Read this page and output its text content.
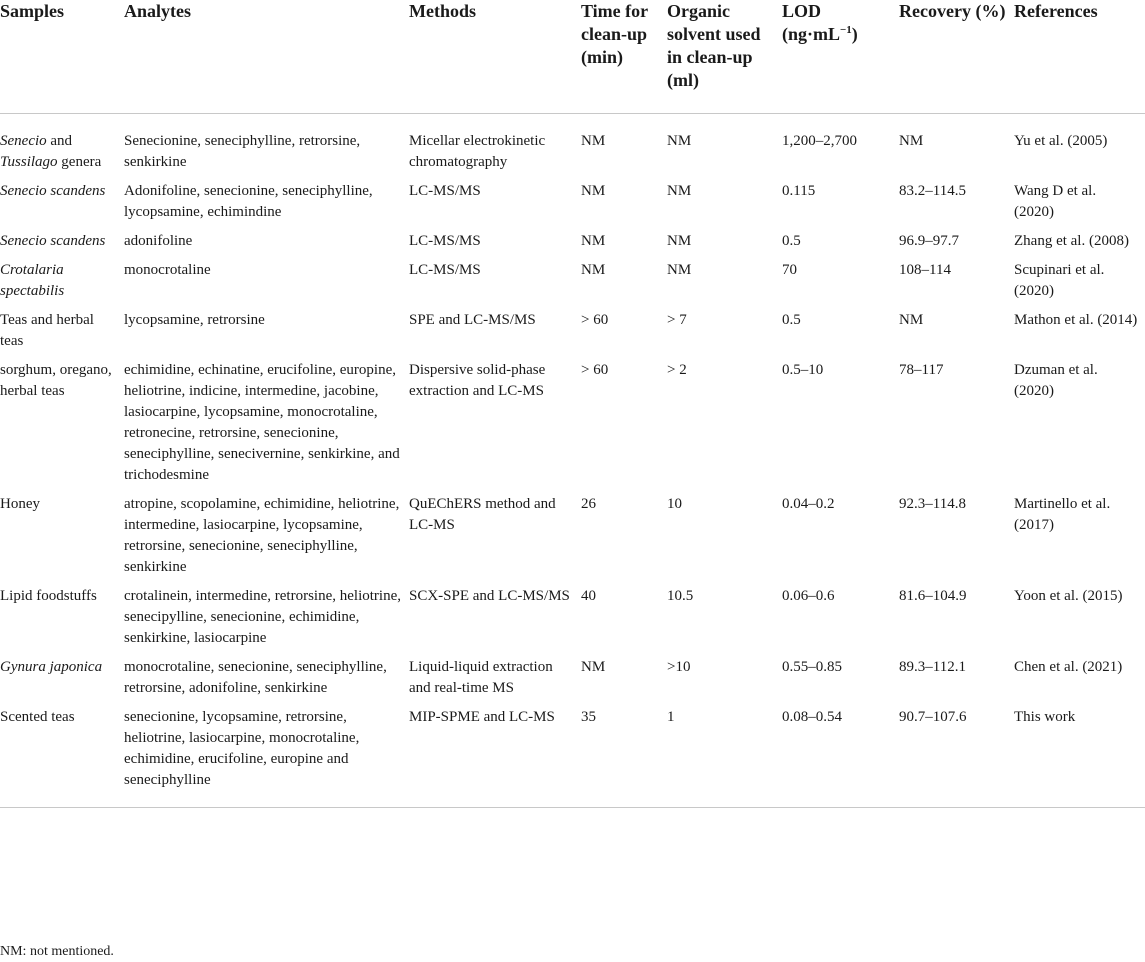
Samples	Analytes	Methods	Time for clean-up (min)	Organic solvent used in clean-up (ml)	LOD $(ng\cdot mL^{-1})$	Recovery (%)	References
Senecio and Tussilago genera	Senecionine, seneciphylline, retrorsine, senkirkine	Micellar electrokinetic chromatography	NM	NM	1,200–2,700	NM	Yu et al. (2005)
Senecio scandens	Adonifoline, senecionine, seneciphylline, lycopsamine, echimindine	LC-MS/MS	NM	NM	0.115	83.2–114.5	Wang D et al. (2020)
Senecio scandens	adonifoline	LC-MS/MS	NM	NM	0.5	96.9–97.7	Zhang et al. (2008)
Crotalaria spectabilis	monocrotaline	LC-MS/MS	NM	NM	70	108–114	Scupinari et al. (2020)
Teas and herbal teas	lycopsamine, retrorsine	SPE and LC-MS/MS	> 60	> 7	0.5	NM	Mathon et al. (2014)
sorghum, oregano, herbal teas	echimidine, echinatine, erucifoline, europine, heliotrine, indicine, intermedine, jacobine, lasiocarpine, lycopsamine, monocrotaline, retronecine, retrorsine, senecionine, seneciphylline, senecivernine, senkirkine, and trichodesmine	Dispersive solid-phase extraction and LC-MS	> 60	> 2	0.5–10	78–117	Dzuman et al. (2020)
Honey	atropine, scopolamine, echimidine, heliotrine, intermedine, lasiocarpine, lycopsamine, retrorsine, senecionine, seneciphylline, senkirkine	QuEChERS method and LC-MS	26	10	0.04–0.2	92.3–114.8	Martinello et al. (2017)
Lipid foodstuffs	crotalinein, intermedine, retrorsine, heliotrine, senecipylline, senecionine, echimidine, senkirkine, lasiocarpine	SCX-SPE and LC-MS/MS	40	10.5	0.06–0.6	81.6–104.9	Yoon et al. (2015)
Gynura japonica	monocrotaline, senecionine, seneciphylline, retrorsine, adonifoline, senkirkine	Liquid-liquid extraction and real-time MS	NM	>10	0.55–0.85	89.3–112.1	Chen et al. (2021)
Scented teas	senecionine, lycopsamine, retrorsine, heliotrine, lasiocarpine, monocrotaline, echimidine, erucifoline, europine and seneciphylline	MIP-SPME and LC-MS	35	1	0.08–0.54	90.7–107.6	This work
NM: not mentioned.
